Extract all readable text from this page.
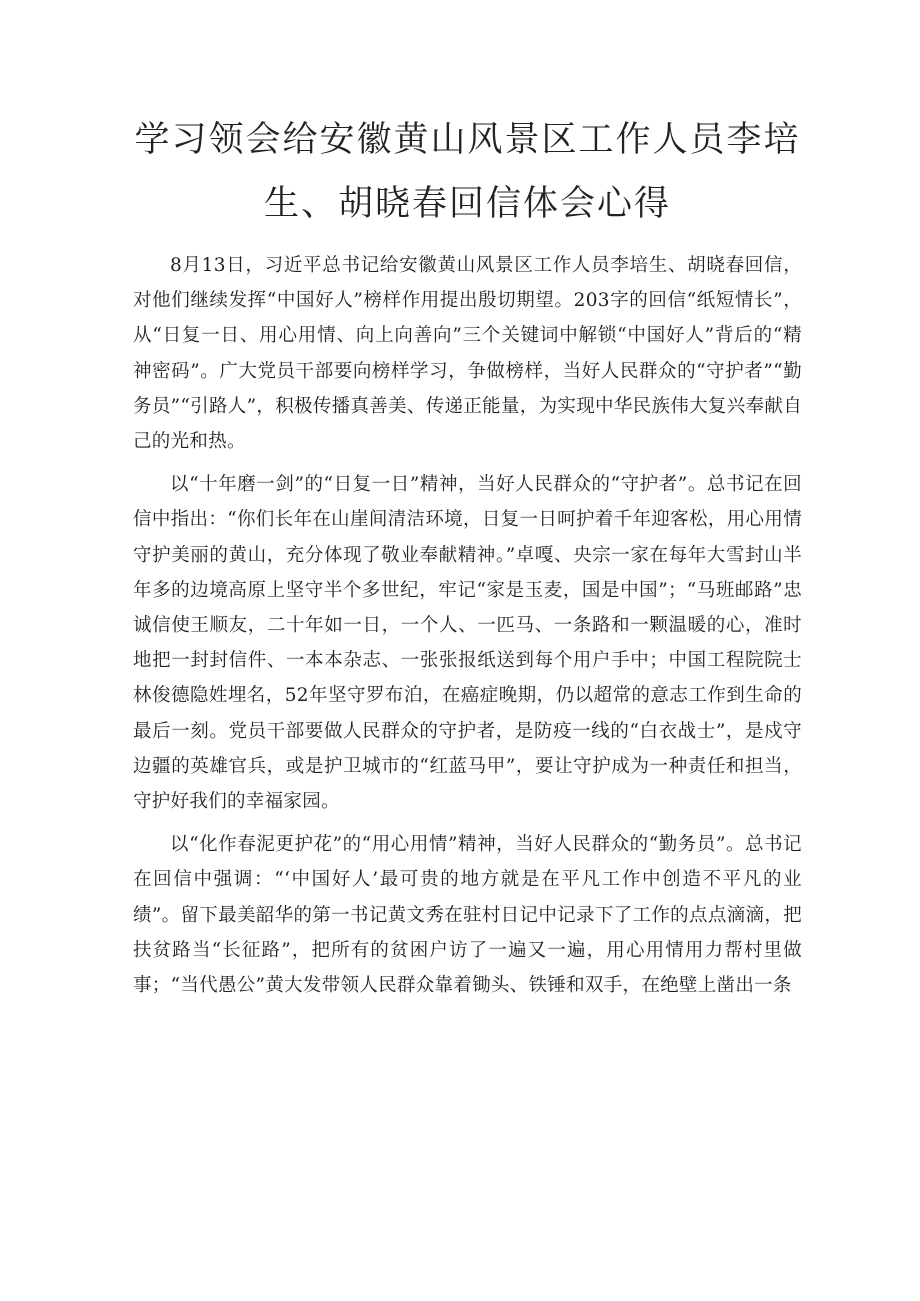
学习领会给安徽黄山风景区工作人员李培
生、胡晓春回信体会心得

8月13日，习近平总书记给安徽黄山风景区工作人员李培生、胡晓春回信，对他们继续发挥“中国好人”榜样作用提出殷切期望。203字的回信“纸短情长”，从“日复一日、用心用情、向上向善向”三个关键词中解锁“中国好人”背后的“精神密码”。广大党员干部要向榜样学习，争做榜样，当好人民群众的“守护者”“勤务员”“引路人”，积极传播真善美、传递正能量，为实现中华民族伟大复兴奉献自己的光和热。

以“十年磨一剑”的“日复一日”精神，当好人民群众的“守护者”。总书记在回信中指出：“你们长年在山崖间清洁环境，日复一日呵护着千年迎客松，用心用情守护美丽的黄山，充分体现了敬业奉献精神。”卓嘎、央宗一家在每年大雪封山半年多的边境高原上坚守半个多世纪，牢记“家是玉麦，国是中国”；“马班邮路”忠诚信使王顺友，二十年如一日，一个人、一匹马、一条路和一颗温暖的心，准时地把一封封信件、一本本杂志、一张张报纸送到每个用户手中；中国工程院院士林俊德隐姓埋名，52年坚守罗布泊，在癌症晚期，仍以超常的意志工作到生命的最后一刻。党员干部要做人民群众的守护者，是防疫一线的“白衣战士”，是戍守边疆的英雄官兵，或是护卫城市的“红蓝马甲”，要让守护成为一种责任和担当，守护好我们的幸福家园。

以“化作春泥更护花”的“用心用情”精神，当好人民群众的“勤务员”。总书记在回信中强调：“‘中国好人’最可贵的地方就是在平凡工作中创造不平凡的业绩”。留下最美韶华的第一书记黄文秀在驻村日记中记录下了工作的点点滴滴，把扶贫路当“长征路”，把所有的贫困户访了一遍又一遍，用心用情用力帮村里做事；“当代愚公”黄大发带领人民群众靠着锄头、铁锤和双手，在绝壁上凿出一条
